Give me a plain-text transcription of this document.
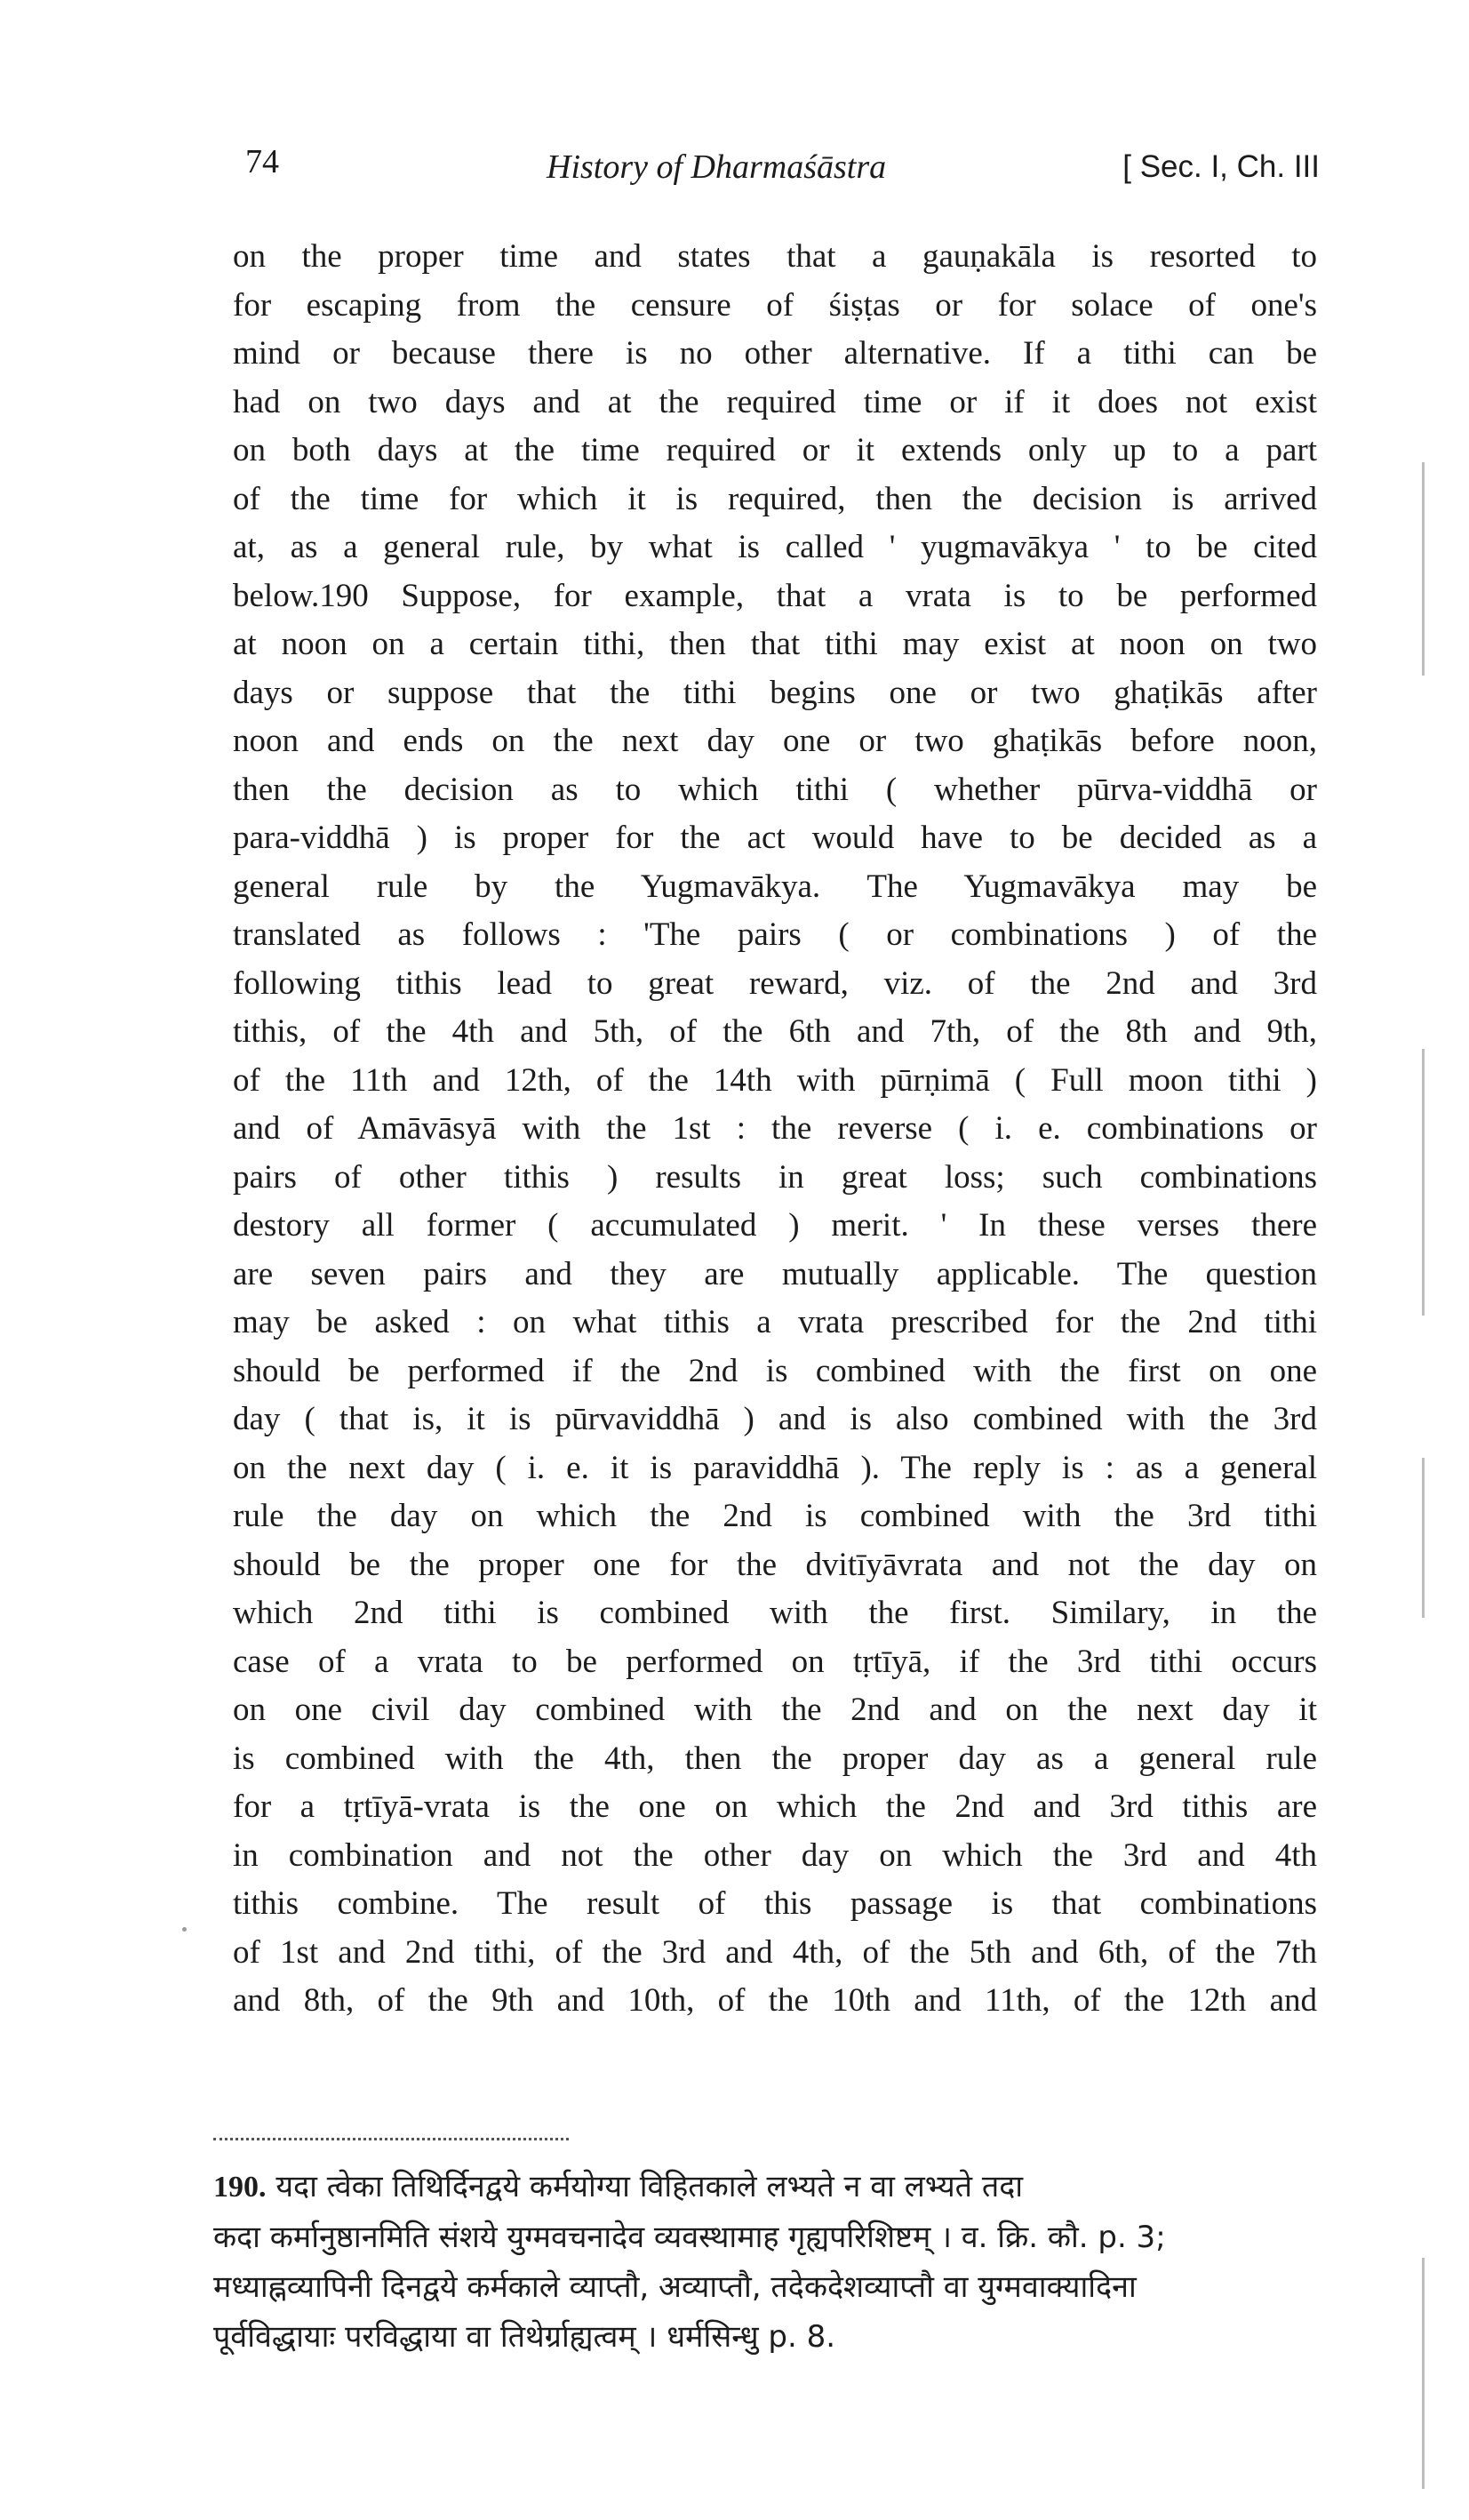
74	History of Dharmaśāstra	[ Sec. I, Ch. III
on the proper time and states that a gauṇakāla is resorted to
for escaping from the censure of śiṣṭas or for solace of one's
mind or because there is no other alternative. If a tithi can be
had on two days and at the required time or if it does not exist
on both days at the time required or it extends only up to a part
of the time for which it is required, then the decision is arrived
at, as a general rule, by what is called ' yugmavākya ' to be cited
below.190 Suppose, for example, that a vrata is to be performed
at noon on a certain tithi, then that tithi may exist at noon on two
days or suppose that the tithi begins one or two ghaṭikās after
noon and ends on the next day one or two ghaṭikās before noon,
then the decision as to which tithi ( whether pūrva-viddhā or
para-viddhā ) is proper for the act would have to be decided as a
general rule by the Yugmavākya. The Yugmavākya may be
translated as follows : 'The pairs ( or combinations ) of the
following tithis lead to great reward, viz. of the 2nd and 3rd
tithis, of the 4th and 5th, of the 6th and 7th, of the 8th and 9th,
of the 11th and 12th, of the 14th with pūrṇimā ( Full moon tithi )
and of Amāvāsyā with the 1st : the reverse ( i. e. combinations or
pairs of other tithis ) results in great loss; such combinations
destory all former ( accumulated ) merit. ' In these verses there
are seven pairs and they are mutually applicable. The question
may be asked : on what tithis a vrata prescribed for the 2nd tithi
should be performed if the 2nd is combined with the first on one
day ( that is, it is pūrvaviddhā ) and is also combined with the 3rd
on the next day ( i. e. it is paraviddhā ). The reply is : as a general
rule the day on which the 2nd is combined with the 3rd tithi
should be the proper one for the dvitīyāvrata and not the day on
which 2nd tithi is combined with the first. Similary, in the
case of a vrata to be performed on tṛtīyā, if the 3rd tithi occurs
on one civil day combined with the 2nd and on the next day it
is combined with the 4th, then the proper day as a general rule
for a tṛtīyā-vrata is the one on which the 2nd and 3rd tithis are
in combination and not the other day on which the 3rd and 4th
tithis combine. The result of this passage is that combinations
of 1st and 2nd tithi, of the 3rd and 4th, of the 5th and 6th, of the 7th
and 8th, of the 9th and 10th, of the 10th and 11th, of the 12th and
190. यदा त्वेका तिथिर्दिनद्वये कर्मयोग्या विहितकाले लभ्यते न वा लभ्यते तदा
कदा कर्मानुष्ठानमिति संशये युग्मवचनादेव व्यवस्थामाह गृह्यपरिशिष्टम् । व. क्रि. कौ. p. 3;
मध्याह्नव्यापिनी दिनद्वये कर्मकाले व्याप्तौ, अव्याप्तौ, तदेकदेशव्याप्तौ वा युग्मवाक्यादिना
पूर्वविद्धायाः परविद्धाया वा तिथेर्ग्राह्यत्वम् । धर्मसिन्धु p. 8.
